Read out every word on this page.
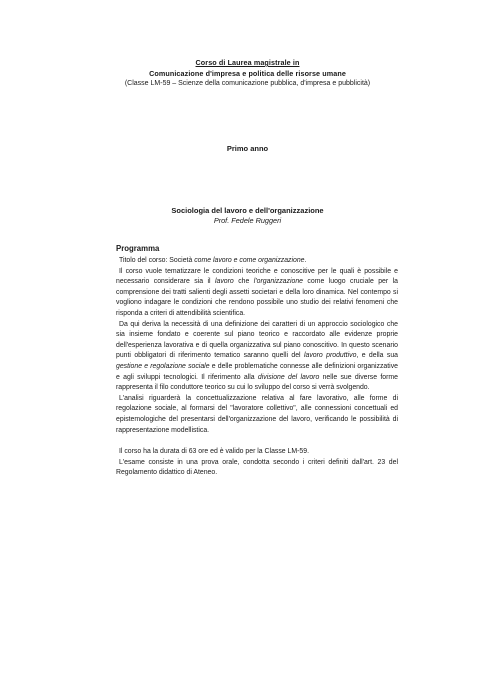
Corso di Laurea magistrale in
Comunicazione d'impresa e politica delle risorse umane
(Classe LM-59 – Scienze della comunicazione pubblica, d'impresa e pubblicità)
Primo anno
Sociologia del lavoro e dell'organizzazione
Prof. Fedele Ruggeri
Programma

Titolo del corso: Società come lavoro e come organizzazione.

Il corso vuole tematizzare le condizioni teoriche e conoscitive per le quali è possibile e necessario considerare sia il lavoro che l'organizzazione come luogo cruciale per la comprensione dei tratti salienti degli assetti societari e della loro dinamica. Nel contempo si vogliono indagare le condizioni che rendono possibile uno studio dei relativi fenomeni che risponda a criteri di attendibilità scientifica.

Da qui deriva la necessità di una definizione dei caratteri di un approccio sociologico che sia insieme fondato e coerente sul piano teorico e raccordato alle evidenze proprie dell'esperienza lavorativa e di quella organizzativa sul piano conoscitivo. In questo scenario punti obbligatori di riferimento tematico saranno quelli del lavoro produttivo, e della sua gestione e regolazione sociale e delle problematiche connesse alle definizioni organizzative e agli sviluppi tecnologici. Il riferimento alla divisione del lavoro nelle sue diverse forme rappresenta il filo conduttore teorico su cui lo sviluppo del corso si verrà svolgendo.

L'analisi riguarderà la concettualizzazione relativa al fare lavorativo, alle forme di regolazione sociale, al formarsi del "lavoratore collettivo", alle connessioni concettuali ed epistemologiche del presentarsi dell'organizzazione del lavoro, verificando le possibilità di rappresentazione modellistica.

Il corso ha la durata di 63 ore ed è valido per la Classe LM-59.

L'esame consiste in una prova orale, condotta secondo i criteri definiti dall'art. 23 del Regolamento didattico di Ateneo.
